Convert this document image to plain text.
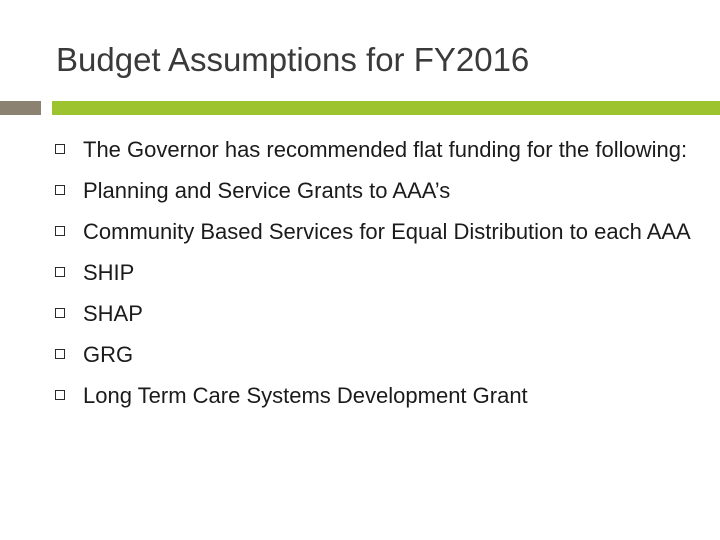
Budget Assumptions for FY2016
The Governor has recommended flat funding for the following:
Planning and Service Grants to AAA’s
Community Based Services for Equal Distribution to each AAA
SHIP
SHAP
GRG
Long Term Care Systems Development Grant
